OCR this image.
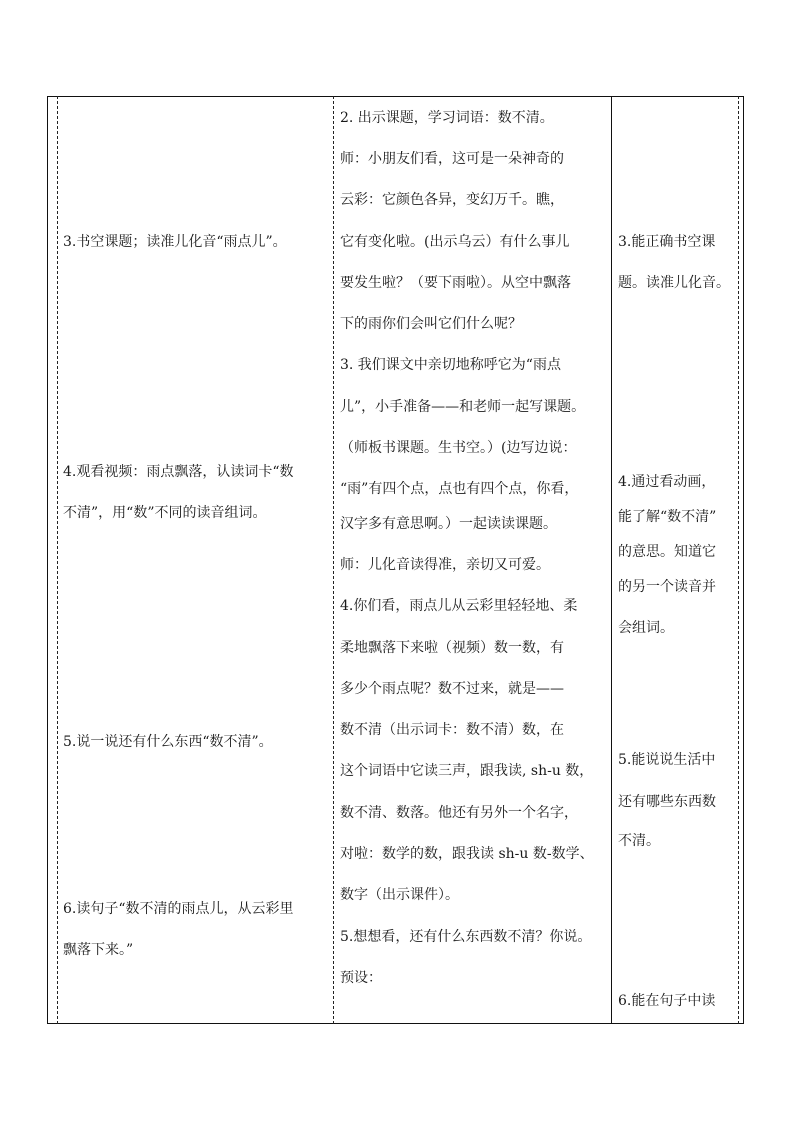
3.书空课题；读准儿化音“雨点儿”。
4.观看视频：雨点飘落，认读词卡“数
不清”，用“数”不同的读音组词。
5.说一说还有什么东西“数不清”。
6.读句子“数不清的雨点儿，从云彩里
飘落下来。”
2. 出示课题，学习词语：数不清。
师：小朋友们看，这可是一朵神奇的
云彩：它颜色各异，变幻万千。瞧，
它有变化啦。(出示乌云）有什么事儿
要发生啦？（要下雨啦）。从空中飘落
下的雨你们会叫它们什么呢？
3. 我们课文中亲切地称呼它为“雨点
儿”，小手准备——和老师一起写课题。
（师板书课题。生书空。）(边写边说：
“雨”有四个点，点也有四个点，你看，
汉字多有意思啊。）一起读读课题。
师：儿化音读得准，亲切又可爱。
4.你们看，雨点儿从云彩里轻轻地、柔
柔地飘落下来啦（视频）数一数，有
多少个雨点呢？数不过来，就是——
数不清（出示词卡：数不清）数，在
这个词语中它读三声，跟我读, sh-u 数，
数不清、数落。他还有另外一个名字，
对啦：数学的数，跟我读 sh-u 数-数学、
数字（出示课件）。
5.想想看，还有什么东西数不清？你说。
预设：
3.能正确书空课
题。读准儿化音。
4.通过看动画，
能了解“数不清”
的意思。知道它
的另一个读音并
会组词。
5.能说说生活中
还有哪些东西数
不清。
6.能在句子中读
